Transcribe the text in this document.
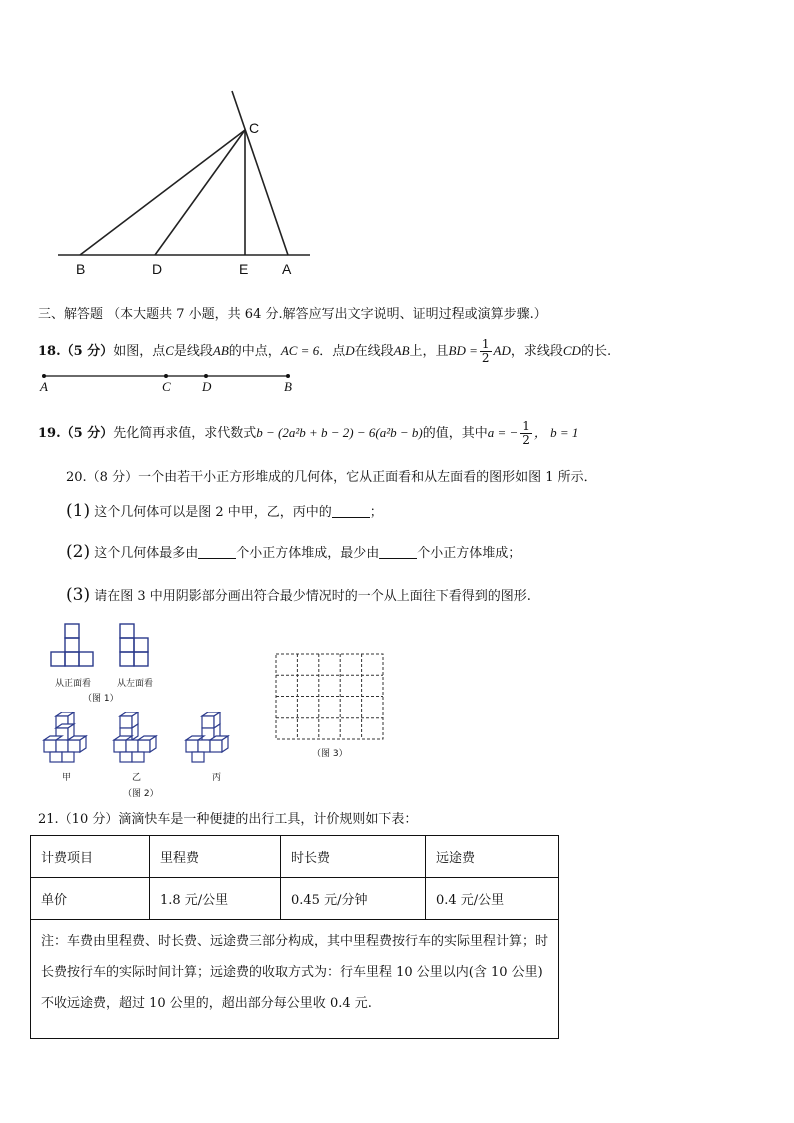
C
B	D	E A
三、解答题 （本大题共 7 小题，共 64 分.解答应写出文字说明、证明过程或演算步骤.）
18.（5 分）如图，点C是线段AB的中点，AC = 6．点D在线段AB上，且BD = $\frac{1}{2}$ AD，求线段CD的长.
A	C D	B
19.（5 分）先化简再求值，求代数式b − (2a²b + b − 2) − 6(a²b − b)的值，其中a = − $\frac{1}{2}$ ， b = 1
20.（8 分）一个由若干小正方形堆成的几何体，它从正面看和从左面看的图形如图 1 所示．
(1) 这个几何体可以是图 2 中甲，乙，丙中的	；
(2) 这个几何体最多由	个小正方体堆成，最少由	个小正方体堆成；
(3) 请在图 3 中用阴影部分画出符合最少情况时的一个从上面往下看得到的图形.
从正面看	从左面看
（图 1）
甲	乙	丙
（图 2）
（图 3）
21.（10 分）滴滴快车是一种便捷的出行工具，计价规则如下表：
计费项目	里程费	时长费	远途费
单价	1.8 元/公里	0.45 元/分钟	0.4 元/公里
注：车费由里程费、时长费、远途费三部分构成，其中里程费按行车的实际里程计算；时长费按行车的实际时间计算；远途费的收取方式为：行车里程 10 公里以内(含 10 公里)不收远途费，超过 10 公里的，超出部分每公里收 0.4 元.			
